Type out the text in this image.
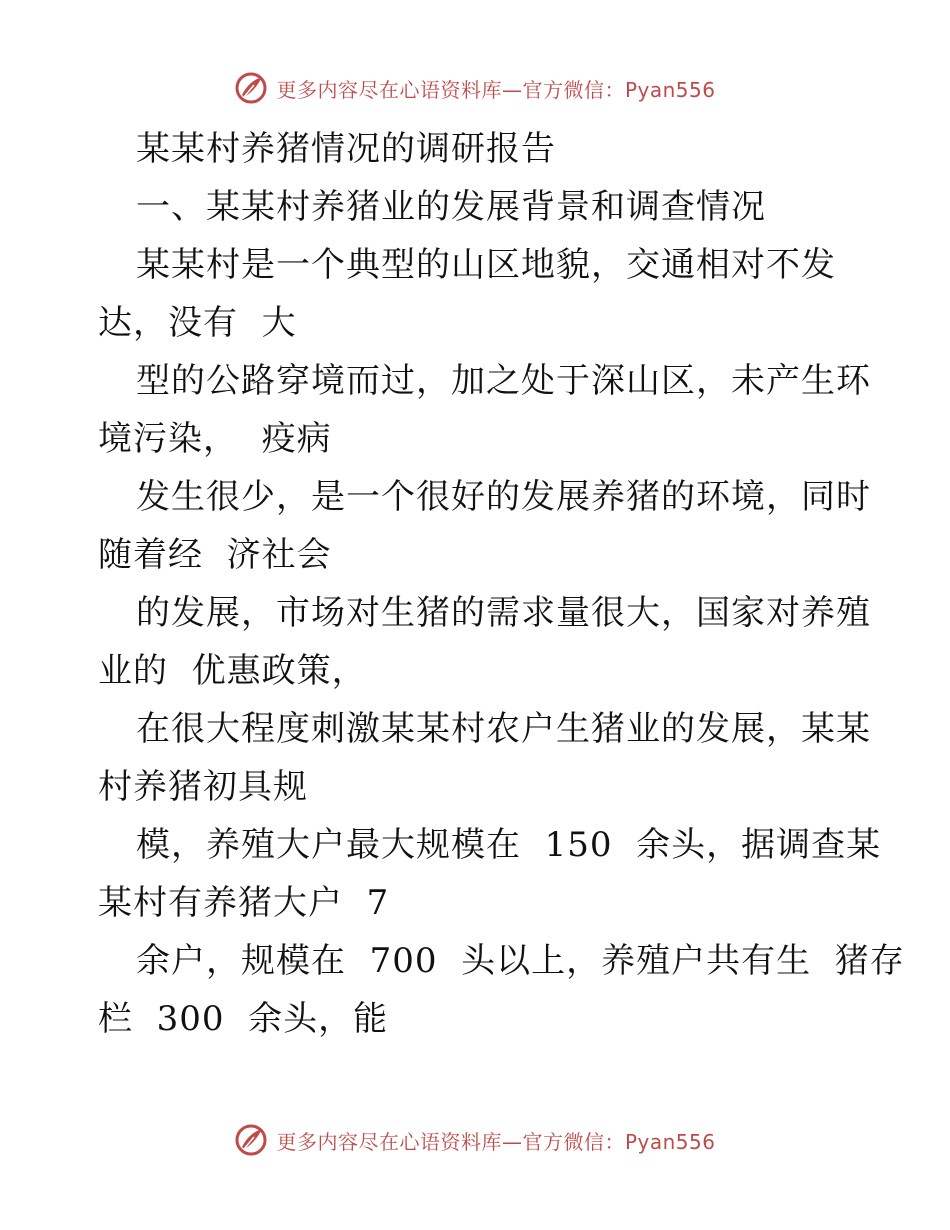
更多内容尽在心语资料库—官方微信：Pyan556
某某村养猪情况的调研报告
一、某某村养猪业的发展背景和调查情况
某某村是一个典型的山区地貌，交通相对不发
达，没有  大
型的公路穿境而过，加之处于深山区，未产生环
境污染，  疫病
发生很少，是一个很好的发展养猪的环境，同时
随着经  济社会
的发展，市场对生猪的需求量很大，国家对养殖
业的  优惠政策，
在很大程度刺激某某村农户生猪业的发展，某某
村养猪初具规
模，养殖大户最大规模在  150  余头，据调查某
某村有养猪大户  7
余户，规模在  700  头以上，养殖户共有生  猪存
栏  300  余头，能
更多内容尽在心语资料库—官方微信：Pyan556
